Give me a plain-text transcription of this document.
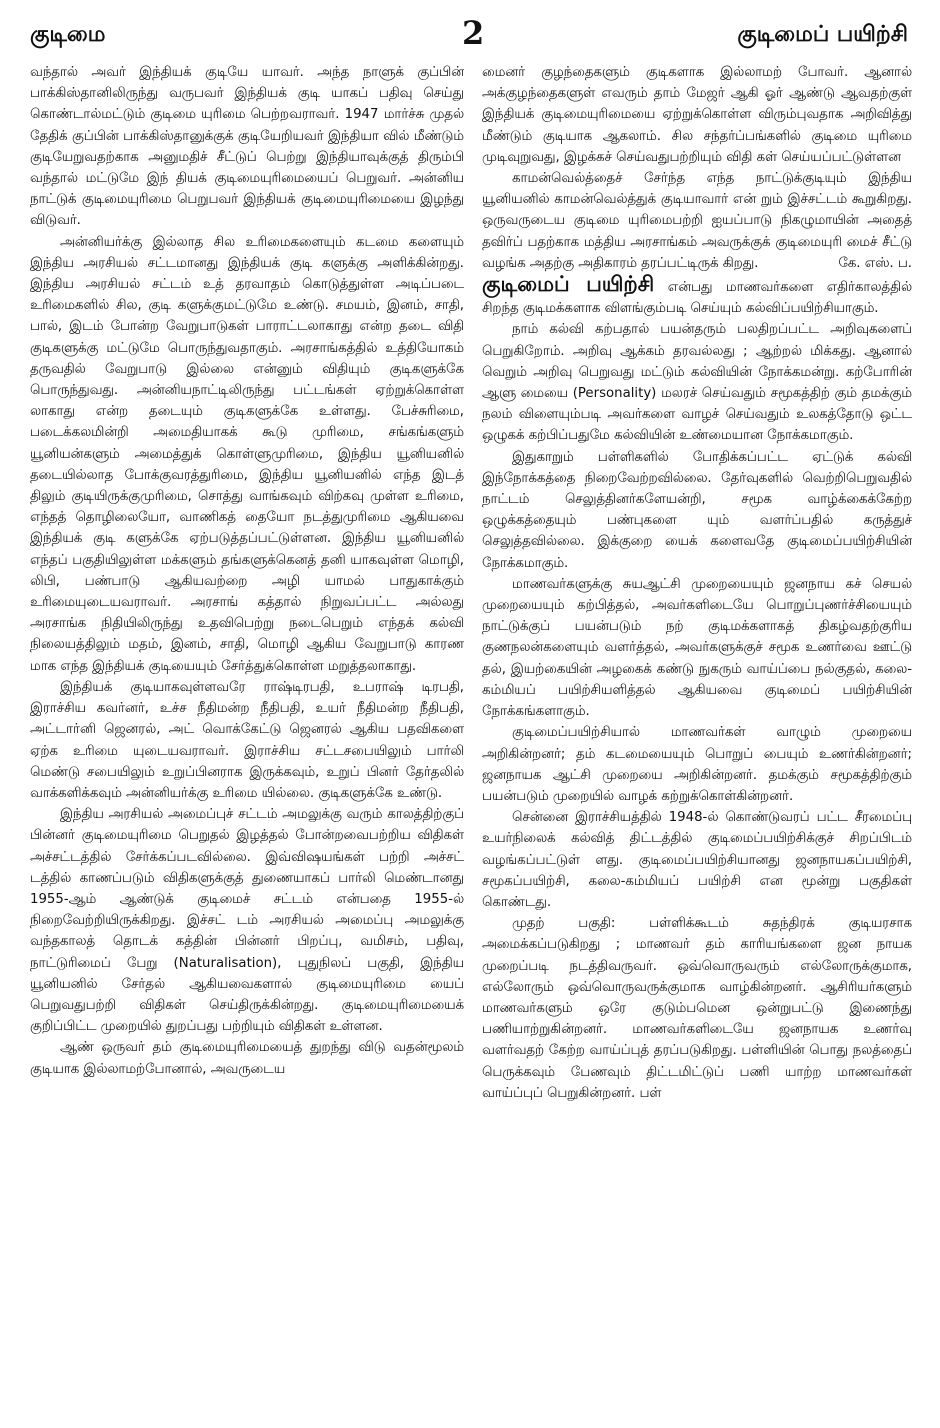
குடிமை	2	குடிமைப் பயிற்சி

வந்தால் அவர் இந்தியக் குடியே யாவர். அந்த நாளுக் குப்பின் பாக்கிஸ்தானிலிருந்து வருபவர் இந்தியக் குடி யாகப் பதிவு செய்து கொண்டால்மட்டும் குடிமை யுரிமை பெற்றவராவர். 1947 மார்ச்சு முதல் தேதிக் குப்பின் பாக்கிஸ்தானுக்குக் குடியேறியவர் இந்தியா வில் மீண்டும் குடியேறுவதற்காக அனுமதிச் சீட்டுப் பெற்று இந்தியாவுக்குத் திரும்பி வந்தால் மட்டுமே இந் தியக் குடிமையுரிமையைப் பெறுவர். அன்னிய நாட்டுக் குடிமையுரிமை பெறுபவர் இந்தியக் குடிமையுரிமையை இழந்து விடுவர்.

அன்னியர்க்கு இல்லாத சில உரிமைகளையும் கடமை களையும் இந்திய அரசியல் சட்டமானது இந்தியக் குடி களுக்கு அளிக்கின்றது. இந்திய அரசியல் சட்டம் உத் தரவாதம் கொடுத்துள்ள அடிப்படை உரிமைகளில் சில, குடி களுக்குமட்டுமே உண்டு. சமயம், இனம், சாதி, பால், இடம் போன்ற வேறுபாடுகள் பாராட்டலாகாது என்ற தடை விதி குடிகளுக்கு மட்டுமே பொருந்துவதாகும். அரசாங்கத்தில் உத்தியோகம் தருவதில் வேறுபாடு இல்லை என்னும் விதியும் குடிகளுக்கே பொருந்துவது. அன்னியநாட்டிலிருந்து பட்டங்கள் ஏற்றுக்கொள்ள லாகாது என்ற தடையும் குடிகளுக்கே உள்ளது. பேச்சுரிமை, படைக்கலமின்றி அமைதியாகக் கூடு முரிமை, சங்கங்களும் யூனியன்களும் அமைத்துக் கொள்ளுமுரிமை, இந்திய யூனியனில் தடையில்லாத போக்குவரத்துரிமை, இந்திய யூனியனில் எந்த இடத் திலும் குடியிருக்குமுரிமை, சொத்து வாங்கவும் விற்கவு முள்ள உரிமை, எந்தத் தொழிலையோ, வாணிகத் தையோ நடத்துமுரிமை ஆகியவை இந்தியக் குடி களுக்கே ஏற்படுத்தப்பட்டுள்ளன. இந்திய யூனியனில் எந்தப் பகுதியிலுள்ள மக்களும் தங்களுக்கெனத் தனி யாகவுள்ள மொழி, லிபி, பண்பாடு ஆகியவற்றை அழி யாமல் பாதுகாக்கும் உரிமையுடையவராவர். அரசாங் கத்தால் நிறுவப்பட்ட அல்லது அரசாங்க நிதியிலிருந்து உதவிபெற்று நடைபெறும் எந்தக் கல்வி நிலையத்திலும் மதம், இனம், சாதி, மொழி ஆகிய வேறுபாடு காரண மாக எந்த இந்தியக் குடியையும் சேர்த்துக்கொள்ள மறுத்தலாகாது.

இந்தியக் குடியாகவுள்ளவரே ராஷ்டிரபதி, உபராஷ் டிரபதி, இராச்சிய கவர்னர், உச்ச நீதிமன்ற நீதிபதி, உயர் நீதிமன்ற நீதிபதி, அட்டார்னி ஜெனரல், அட் வொக்கேட்டு ஜெனரல் ஆகிய பதவிகளை ஏற்க உரிமை யுடையவராவர். இராச்சிய சட்டசபையிலும் பார்லி மெண்டு சபையிலும் உறுப்பினராக இருக்கவும், உறுப் பினர் தேர்தலில் வாக்களிக்கவும் அன்னியர்க்கு உரிமை யில்லை. குடிகளுக்கே உண்டு.

இந்திய அரசியல் அமைப்புச் சட்டம் அமலுக்கு வரும் காலத்திற்குப் பின்னர் குடிமையுரிமை பெறுதல் இழத்தல் போன்றவைபற்றிய விதிகள் அச்சட்டத்தில் சேர்க்கப்படவில்லை. இவ்விஷயங்கள் பற்றி அச்சட் டத்தில் காணப்படும் விதிகளுக்குத் துணையாகப் பார்லி மெண்டானது 1955-ஆம் ஆண்டுக் குடிமைச் சட்டம் என்பதை 1955-ல் நிறைவேற்றியிருக்கிறது. இச்சட் டம் அரசியல் அமைப்பு அமலுக்கு வந்தகாலத் தொடக் கத்தின் பின்னர் பிறப்பு, வமிசம், பதிவு, நாட்டுரிமைப் பேறு (Naturalisation), புதுநிலப் பகுதி, இந்திய யூனியனில் சேர்தல் ஆகியவைகளால் குடிமையுரிமை யைப் பெறுவதுபற்றி விதிகள் செய்திருக்கின்றது. குடிமையுரிமையைக் குறிப்பிட்ட முறையில் துறப்பது பற்றியும் விதிகள் உள்ளன.

ஆண் ஒருவர் தம் குடிமையுரிமையைத் துறந்து விடு வதன்மூலம் குடியாக இல்லாமற்போனால், அவருடைய

மைனர் குழந்தைகளும் குடிகளாக இல்லாமற் போவர். ஆனால் அக்குழந்தைகளுள் எவரும் தாம் மேஜர் ஆகி ஓர் ஆண்டு ஆவதற்குள் இந்தியக் குடிமையுரிமையை ஏற்றுக்கொள்ள விரும்புவதாக அறிவித்து மீண்டும் குடியாக ஆகலாம். சில சந்தர்ப்பங்களில் குடிமை யுரிமை முடிவுறுவது, இழக்கச் செய்வதுபற்றியும் விதி கள் செய்யப்பட்டுள்ளன

காமன்வெல்த்தைச் சேர்ந்த எந்த நாட்டுக்குடியும் இந்திய யூனியனில் காமன்வெல்த்துக் குடியாவார் என் றும் இச்சட்டம் கூறுகிறது. ஒருவருடைய குடிமை யுரிமைபற்றி ஐயப்பாடு நிகழுமாயின் அதைத் தவிர்ப் பதற்காக மத்திய அரசாங்கம் அவருக்குக் குடிமையுரி மைச் சீட்டு வழங்க அதற்கு அதிகாரம் தரப்பட்டிருக் கிறது.	கே. எஸ். ப.

குடிமைப் பயிற்சி என்பது மாணவர்களை எதிர்காலத்தில் சிறந்த குடிமக்களாக விளங்கும்படி செய்யும் கல்விப்பயிற்சியாகும்.

நாம் கல்வி கற்பதால் பயன்தரும் பலதிறப்பட்ட அறிவுகளைப் பெறுகிறோம். அறிவு ஆக்கம் தரவல்லது ; ஆற்றல் மிக்கது. ஆனால் வெறும் அறிவு பெறுவது மட்டும் கல்வியின் நோக்கமன்று. கற்போரின் ஆளு மையை (Personality) மலரச் செய்வதும் சமூகத்திற் கும் தமக்கும் நலம் விளையும்படி அவர்களை வாழச் செய்வதும் உலகத்தோடு ஒட்ட ஒழுகக் கற்பிப்பதுமே கல்வியின் உண்மையான நோக்கமாகும்.

இதுகாறும் பள்ளிகளில் போதிக்கப்பட்ட ஏட்டுக் கல்வி இந்நோக்கத்தை நிறைவேற்றவில்லை. தேர்வுகளில் வெற்றிபெறுவதில் நாட்டம் செலுத்தினர்களேயன்றி, சமூக வாழ்க்கைக்கேற்ற ஒழுக்கத்தையும் பண்புகளை யும் வளர்ப்பதில் கருத்துச் செலுத்தவில்லை. இக்குறை யைக் களைவதே குடிமைப்பயிற்சியின் நோக்கமாகும்.

மாணவர்களுக்கு சுயஆட்சி முறையையும் ஜனநாய கச் செயல் முறையையும் கற்பித்தல், அவர்களிடையே பொறுப்புணர்ச்சியையும் நாட்டுக்குப் பயன்படும் நற் குடிமக்களாகத் திகழ்வதற்குரிய குணநலன்களையும் வளர்த்தல், அவர்களுக்குச் சமூக உணர்வை ஊட்டு தல், இயற்கையின் அழகைக் கண்டு நுகரும் வாய்ப்பை நல்குதல், கலை-கம்மியப் பயிற்சியளித்தல் ஆகியவை குடிமைப் பயிற்சியின் நோக்கங்களாகும்.

குடிமைப்பயிற்சியால் மாணவர்கள் வாழும் முறையை அறிகின்றனர்; தம் கடமையையும் பொறுப் பையும் உணர்கின்றனர்; ஜனநாயக ஆட்சி முறையை அறிகின்றனர். தமக்கும் சமூகத்திற்கும் பயன்படும் முறையில் வாழக் கற்றுக்கொள்கின்றனர்.

சென்னை இராச்சியத்தில் 1948-ல் கொண்டுவரப் பட்ட சீரமைப்பு உயர்நிலைக் கல்வித் திட்டத்தில் குடிமைப்பயிற்சிக்குச் சிறப்பிடம் வழங்கப்பட்டுள் ளது. குடிமைப்பயிற்சியானது ஜனநாயகப்பயிற்சி, சமூகப்பயிற்சி, கலை-கம்மியப் பயிற்சி என மூன்று பகுதிகள் கொண்டது.

முதற் பகுதி: பள்ளிக்கூடம் சுதந்திரக் குடியரசாக அமைக்கப்படுகிறது ; மாணவர் தம் காரியங்களை ஜன நாயக முறைப்படி நடத்திவருவர். ஒவ்வொருவரும் எல்லோருக்குமாக, எல்லோரும் ஒவ்வொருவருக்குமாக வாழ்கின்றனர். ஆசிரியர்களும் மாணவர்களும் ஒரே குடும்பமென ஒன்றுபட்டு இணைந்து பணியாற்றுகின்றனர். மாணவர்களிடையே ஜனநாயக உணர்வு வளர்வதற் கேற்ற வாய்ப்புத் தரப்படுகிறது. பள்ளியின் பொது நலத்தைப் பெருக்கவும் பேணவும் திட்டமிட்டுப் பணி யாற்ற மாணவர்கள் வாய்ப்புப் பெறுகின்றனர். பள்
